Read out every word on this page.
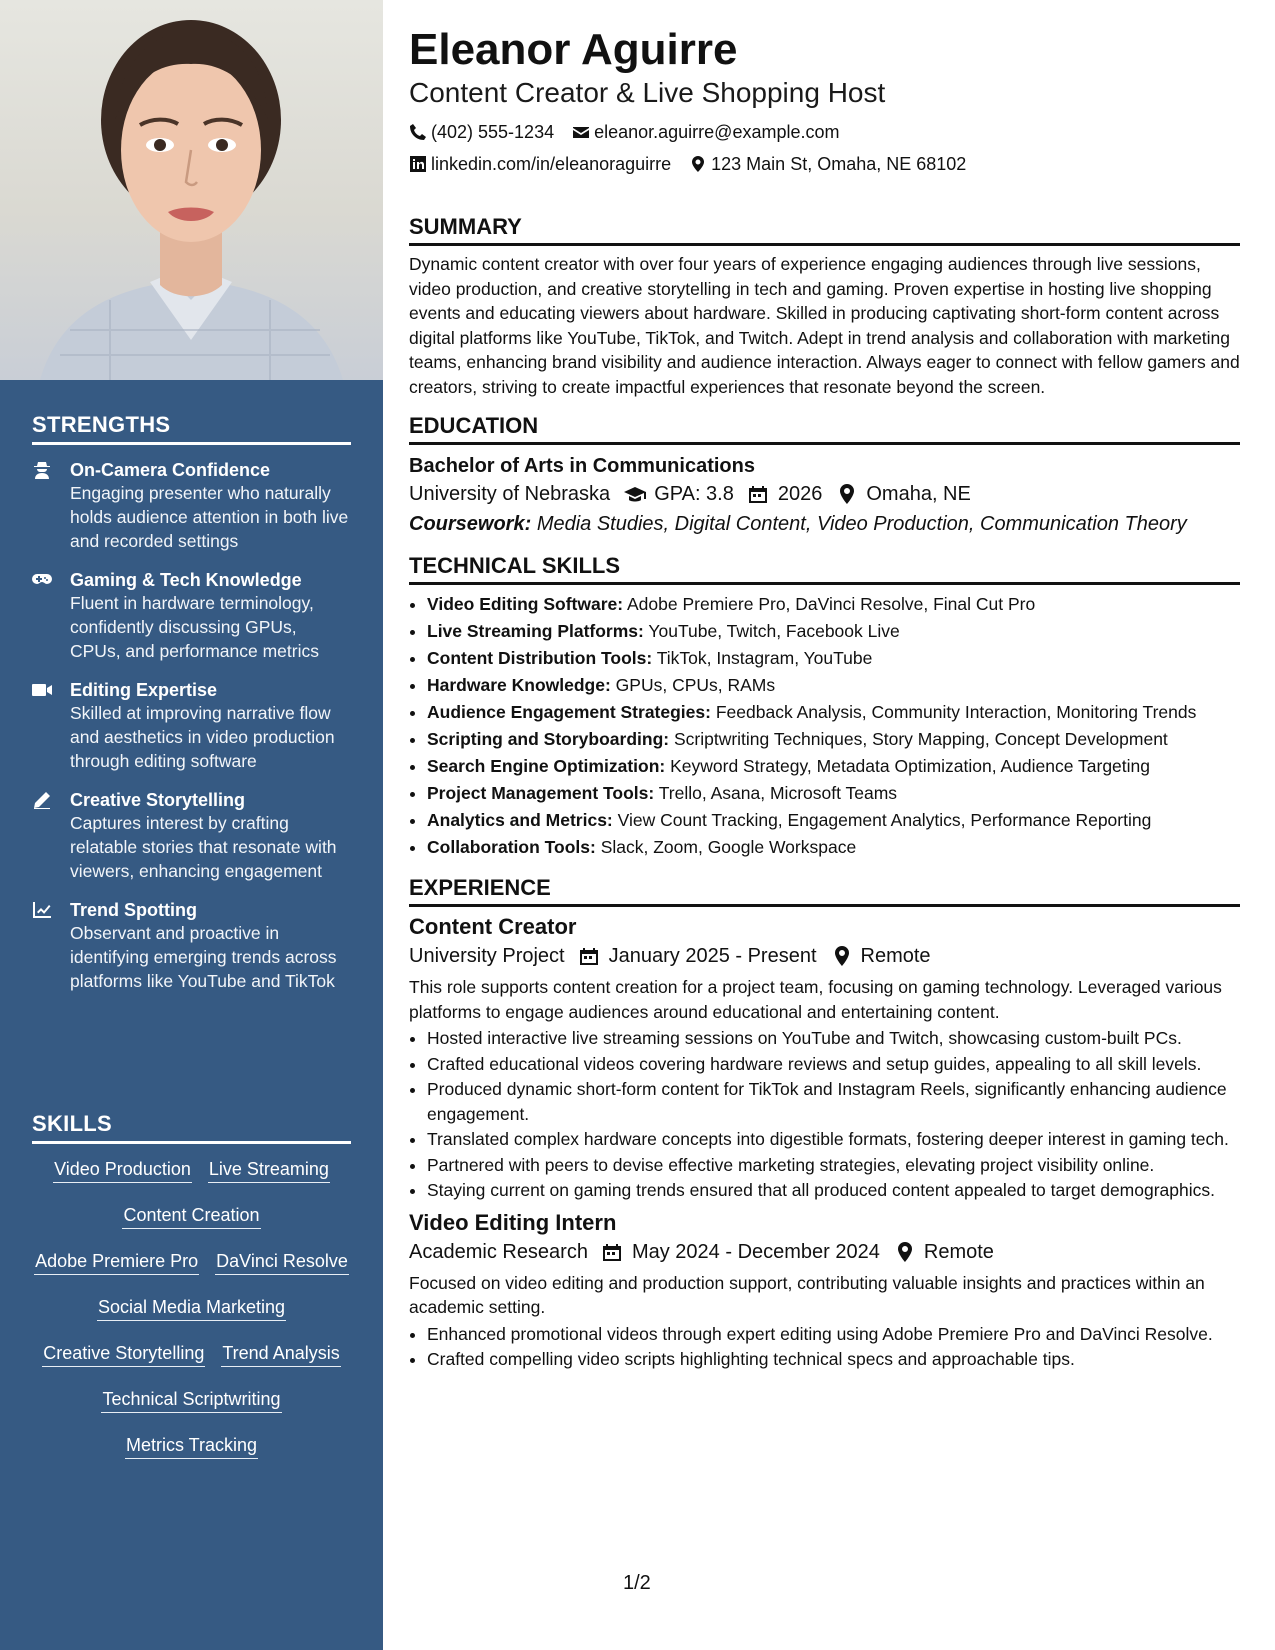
STRENGTHS
On-Camera Confidence
Engaging presenter who naturally holds audience attention in both live and recorded settings
Gaming & Tech Knowledge
Fluent in hardware terminology, confidently discussing GPUs, CPUs, and performance metrics
Editing Expertise
Skilled at improving narrative flow and aesthetics in video production through editing software
Creative Storytelling
Captures interest by crafting relatable stories that resonate with viewers, enhancing engagement
Trend Spotting
Observant and proactive in identifying emerging trends across platforms like YouTube and TikTok
SKILLS
Video Production Live Streaming
Content Creation
Adobe Premiere Pro DaVinci Resolve
Social Media Marketing
Creative Storytelling Trend Analysis
Technical Scriptwriting
Metrics Tracking
Eleanor Aguirre
Content Creator & Live Shopping Host
(402) 555-1234 eleanor.aguirre@example.com
linkedin.com/in/eleanoraguirre 123 Main St, Omaha, NE 68102
SUMMARY

Dynamic content creator with over four years of experience engaging audiences through live sessions, video production, and creative storytelling in tech and gaming. Proven expertise in hosting live shopping events and educating viewers about hardware. Skilled in producing captivating short-form content across digital platforms like YouTube, TikTok, and Twitch. Adept in trend analysis and collaboration with marketing teams, enhancing brand visibility and audience interaction. Always eager to connect with fellow gamers and creators, striving to create impactful experiences that resonate beyond the screen.

EDUCATION
Bachelor of Arts in Communications
University of Nebraska GPA: 3.8 2026 Omaha, NE
Coursework: Media Studies, Digital Content, Video Production, Communication Theory
TECHNICAL SKILLS
• Video Editing Software: Adobe Premiere Pro, DaVinci Resolve, Final Cut Pro
• Live Streaming Platforms: YouTube, Twitch, Facebook Live
• Content Distribution Tools: TikTok, Instagram, YouTube
• Hardware Knowledge: GPUs, CPUs, RAMs
• Audience Engagement Strategies: Feedback Analysis, Community Interaction, Monitoring Trends
• Scripting and Storyboarding: Scriptwriting Techniques, Story Mapping, Concept Development
• Search Engine Optimization: Keyword Strategy, Metadata Optimization, Audience Targeting
• Project Management Tools: Trello, Asana, Microsoft Teams
• Analytics and Metrics: View Count Tracking, Engagement Analytics, Performance Reporting
• Collaboration Tools: Slack, Zoom, Google Workspace
EXPERIENCE
Content Creator
University Project January 2025 - Present Remote

This role supports content creation for a project team, focusing on gaming technology. Leveraged various platforms to engage audiences around educational and entertaining content.

• Hosted interactive live streaming sessions on YouTube and Twitch, showcasing custom-built PCs.
• Crafted educational videos covering hardware reviews and setup guides, appealing to all skill levels.
• Produced dynamic short-form content for TikTok and Instagram Reels, significantly enhancing audience engagement.
• Translated complex hardware concepts into digestible formats, fostering deeper interest in gaming tech.
• Partnered with peers to devise effective marketing strategies, elevating project visibility online.
• Staying current on gaming trends ensured that all produced content appealed to target demographics.
Video Editing Intern
Academic Research May 2024 - December 2024 Remote

Focused on video editing and production support, contributing valuable insights and practices within an academic setting.

• Enhanced promotional videos through expert editing using Adobe Premiere Pro and DaVinci Resolve.
• Crafted compelling video scripts highlighting technical specs and approachable tips.
1/2
